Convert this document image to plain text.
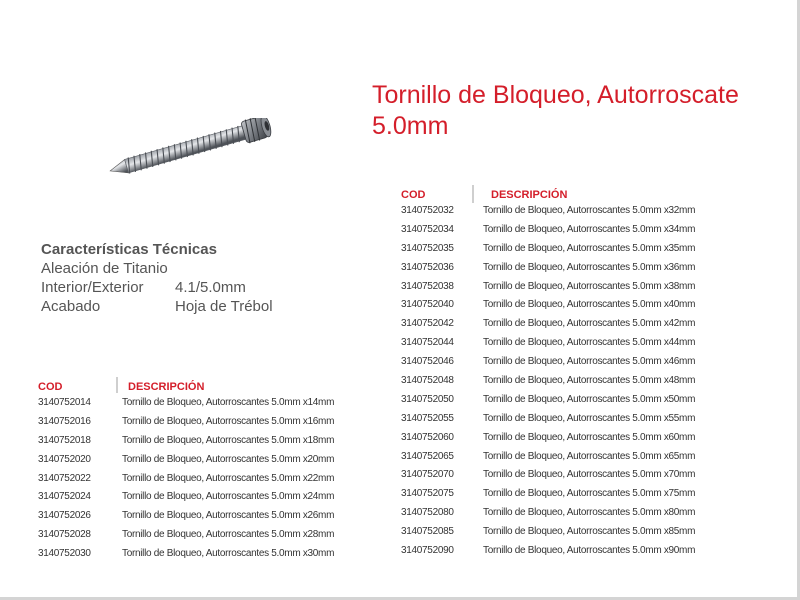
Tornillo de Bloqueo, Autorroscate
5.0mm
Características Técnicas
Aleación de Titanio
Interior/Exterior	4.1/5.0mm
Acabado	Hoja de Trébol
COD	DESCRIPCIÓN
3140752014	Tornillo de Bloqueo, Autorroscantes 5.0mm x14mm
3140752016	Tornillo de Bloqueo, Autorroscantes 5.0mm x16mm
3140752018	Tornillo de Bloqueo, Autorroscantes 5.0mm x18mm
3140752020	Tornillo de Bloqueo, Autorroscantes 5.0mm x20mm
3140752022	Tornillo de Bloqueo, Autorroscantes 5.0mm x22mm
3140752024	Tornillo de Bloqueo, Autorroscantes 5.0mm x24mm
3140752026	Tornillo de Bloqueo, Autorroscantes 5.0mm x26mm
3140752028	Tornillo de Bloqueo, Autorroscantes 5.0mm x28mm
3140752030	Tornillo de Bloqueo, Autorroscantes 5.0mm x30mm
COD	DESCRIPCIÓN
3140752032	Tornillo de Bloqueo, Autorroscantes 5.0mm x32mm
3140752034	Tornillo de Bloqueo, Autorroscantes 5.0mm x34mm
3140752035	Tornillo de Bloqueo, Autorroscantes 5.0mm x35mm
3140752036	Tornillo de Bloqueo, Autorroscantes 5.0mm x36mm
3140752038	Tornillo de Bloqueo, Autorroscantes 5.0mm x38mm
3140752040	Tornillo de Bloqueo, Autorroscantes 5.0mm x40mm
3140752042	Tornillo de Bloqueo, Autorroscantes 5.0mm x42mm
3140752044	Tornillo de Bloqueo, Autorroscantes 5.0mm x44mm
3140752046	Tornillo de Bloqueo, Autorroscantes 5.0mm x46mm
3140752048	Tornillo de Bloqueo, Autorroscantes 5.0mm x48mm
3140752050	Tornillo de Bloqueo, Autorroscantes 5.0mm x50mm
3140752055	Tornillo de Bloqueo, Autorroscantes 5.0mm x55mm
3140752060	Tornillo de Bloqueo, Autorroscantes 5.0mm x60mm
3140752065	Tornillo de Bloqueo, Autorroscantes 5.0mm x65mm
3140752070	Tornillo de Bloqueo, Autorroscantes 5.0mm x70mm
3140752075	Tornillo de Bloqueo, Autorroscantes 5.0mm x75mm
3140752080	Tornillo de Bloqueo, Autorroscantes 5.0mm x80mm
3140752085	Tornillo de Bloqueo, Autorroscantes 5.0mm x85mm
3140752090	Tornillo de Bloqueo, Autorroscantes 5.0mm x90mm
